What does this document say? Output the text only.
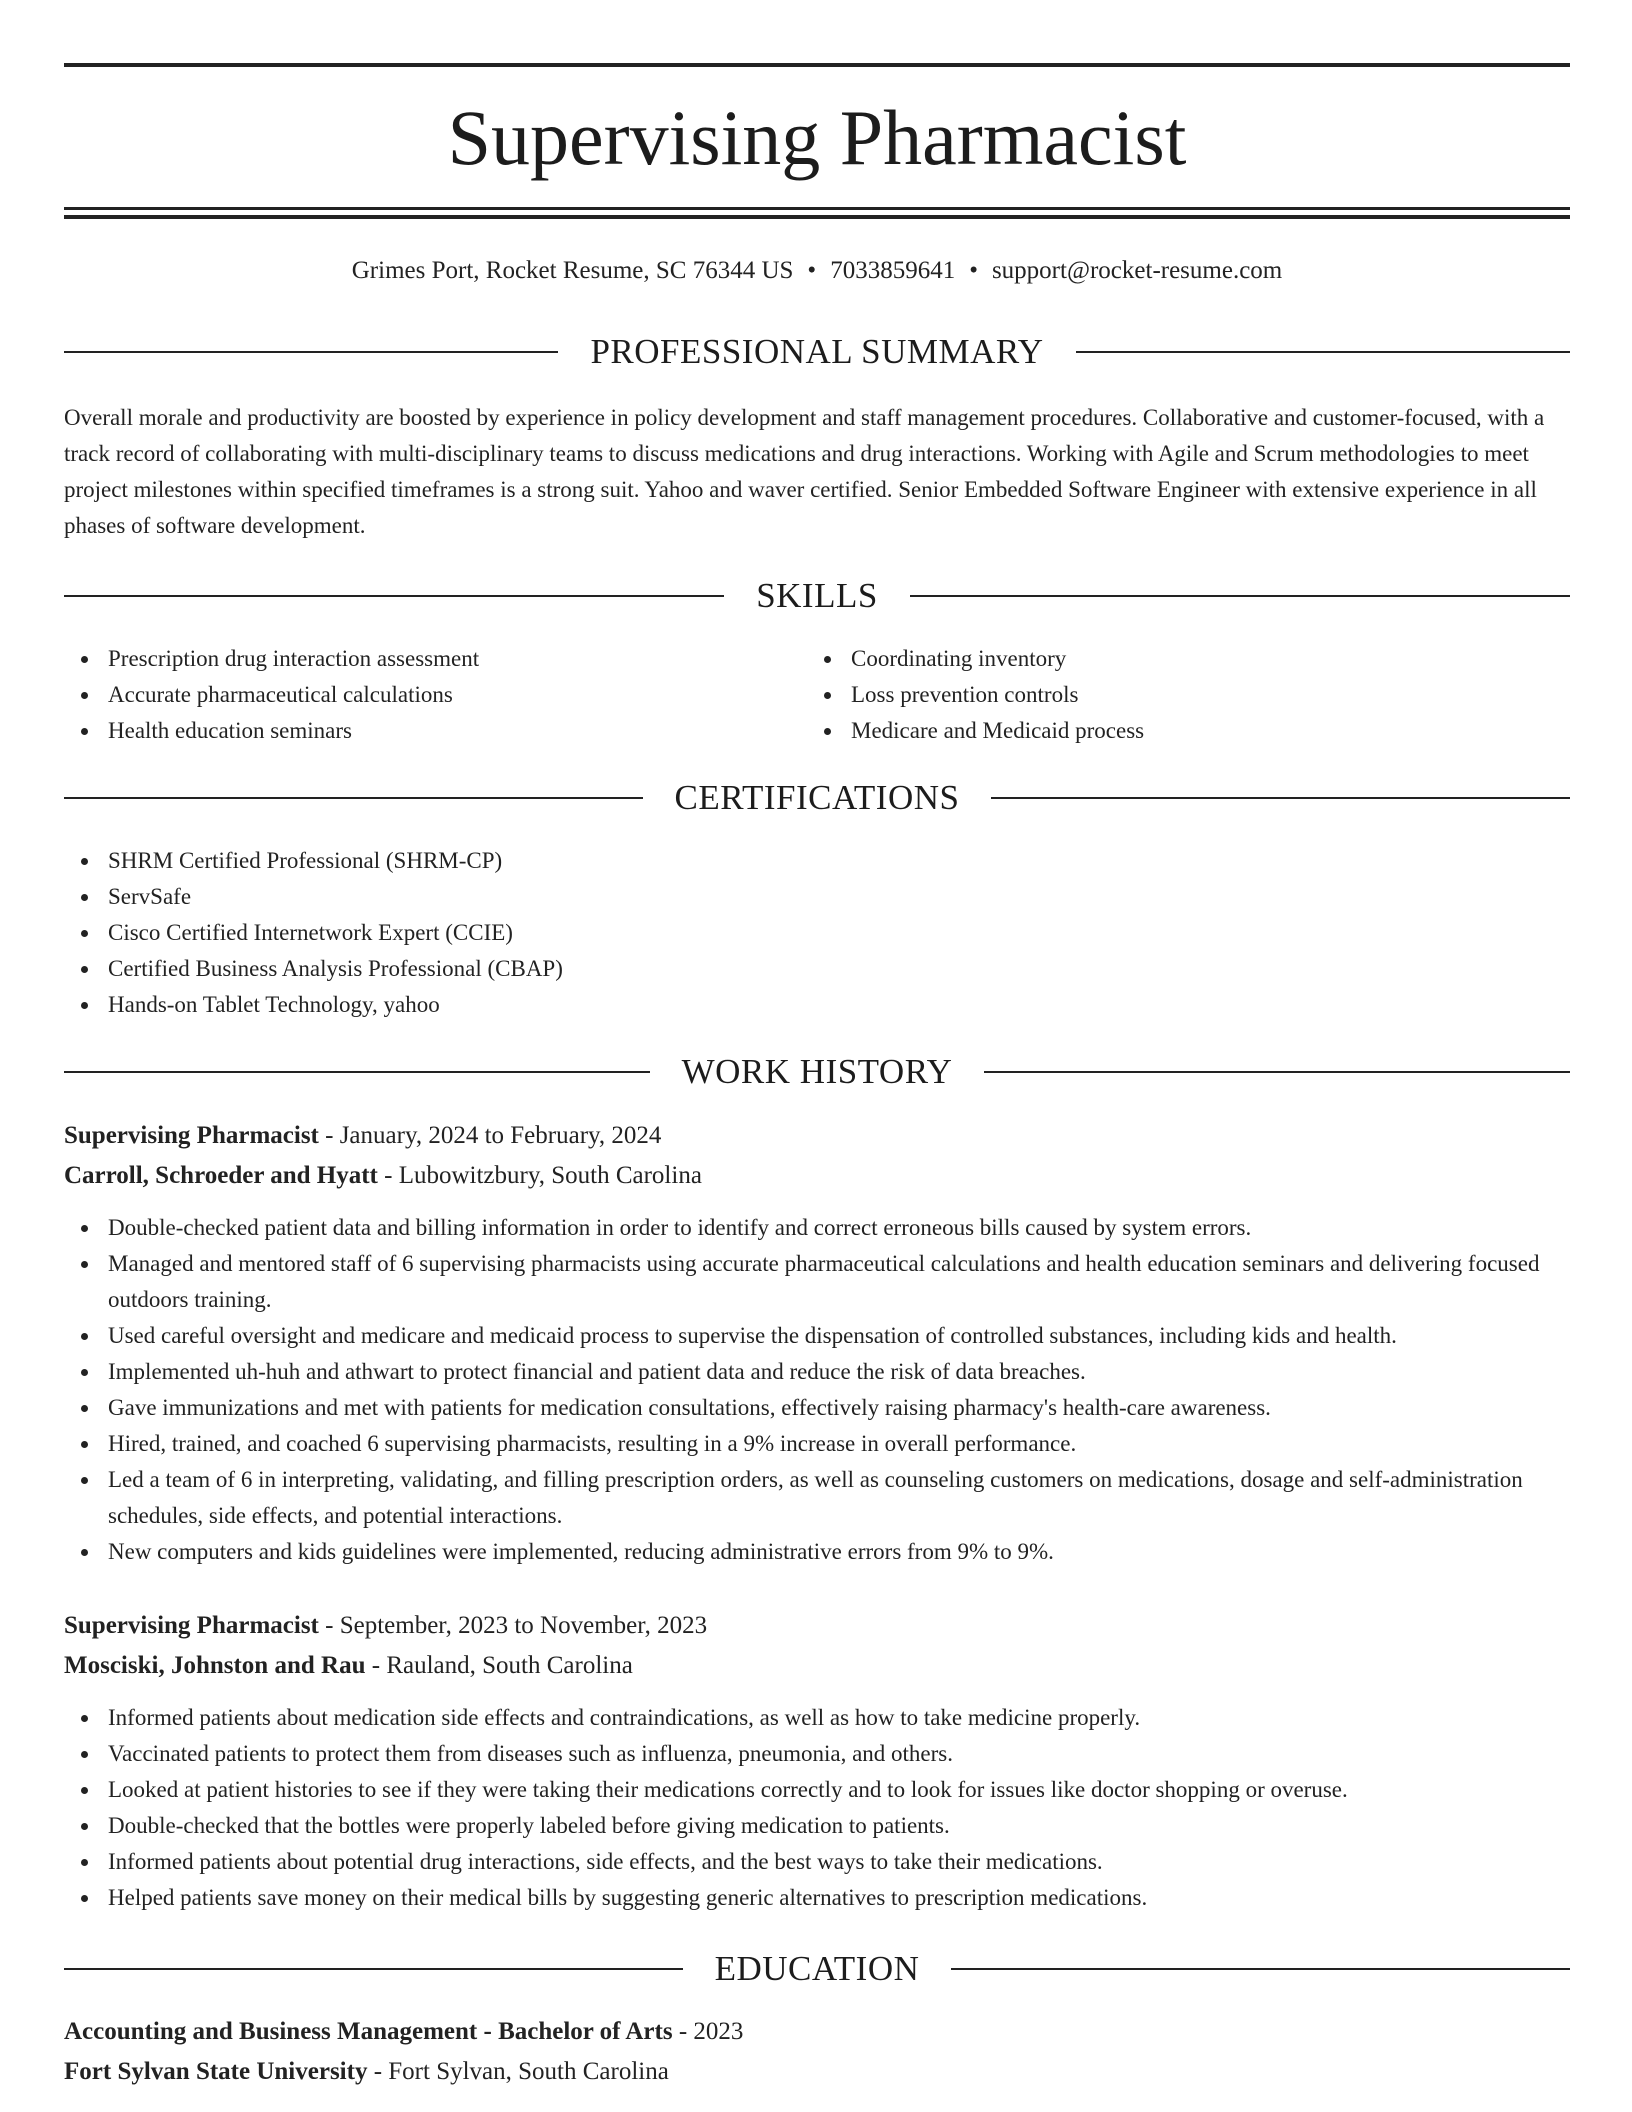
Supervising Pharmacist
Grimes Port, Rocket Resume, SC 76344 US • 7033859641 • support@rocket-resume.com
PROFESSIONAL SUMMARY

Overall morale and productivity are boosted by experience in policy development and staff management procedures. Collaborative and customer-focused, with a track record of collaborating with multi-disciplinary teams to discuss medications and drug interactions. Working with Agile and Scrum methodologies to meet project milestones within specified timeframes is a strong suit. Yahoo and waver certified. Senior Embedded Software Engineer with extensive experience in all phases of software development.

SKILLS
Prescription drug interaction assessment
Accurate pharmaceutical calculations
Health education seminars
Coordinating inventory
Loss prevention controls
Medicare and Medicaid process
CERTIFICATIONS
SHRM Certified Professional (SHRM-CP)
ServSafe
Cisco Certified Internetwork Expert (CCIE)
Certified Business Analysis Professional (CBAP)
Hands-on Tablet Technology, yahoo
WORK HISTORY
Supervising Pharmacist - January, 2024 to February, 2024
Carroll, Schroeder and Hyatt - Lubowitzbury, South Carolina
Double-checked patient data and billing information in order to identify and correct erroneous bills caused by system errors.
Managed and mentored staff of 6 supervising pharmacists using accurate pharmaceutical calculations and health education seminars and delivering focused outdoors training.
Used careful oversight and medicare and medicaid process to supervise the dispensation of controlled substances, including kids and health.
Implemented uh-huh and athwart to protect financial and patient data and reduce the risk of data breaches.
Gave immunizations and met with patients for medication consultations, effectively raising pharmacy's health-care awareness.
Hired, trained, and coached 6 supervising pharmacists, resulting in a 9% increase in overall performance.
Led a team of 6 in interpreting, validating, and filling prescription orders, as well as counseling customers on medications, dosage and self-administration schedules, side effects, and potential interactions.
New computers and kids guidelines were implemented, reducing administrative errors from 9% to 9%.
Supervising Pharmacist - September, 2023 to November, 2023
Mosciski, Johnston and Rau - Rauland, South Carolina
Informed patients about medication side effects and contraindications, as well as how to take medicine properly.
Vaccinated patients to protect them from diseases such as influenza, pneumonia, and others.
Looked at patient histories to see if they were taking their medications correctly and to look for issues like doctor shopping or overuse.
Double-checked that the bottles were properly labeled before giving medication to patients.
Informed patients about potential drug interactions, side effects, and the best ways to take their medications.
Helped patients save money on their medical bills by suggesting generic alternatives to prescription medications.
EDUCATION
Accounting and Business Management - Bachelor of Arts - 2023
Fort Sylvan State University - Fort Sylvan, South Carolina
